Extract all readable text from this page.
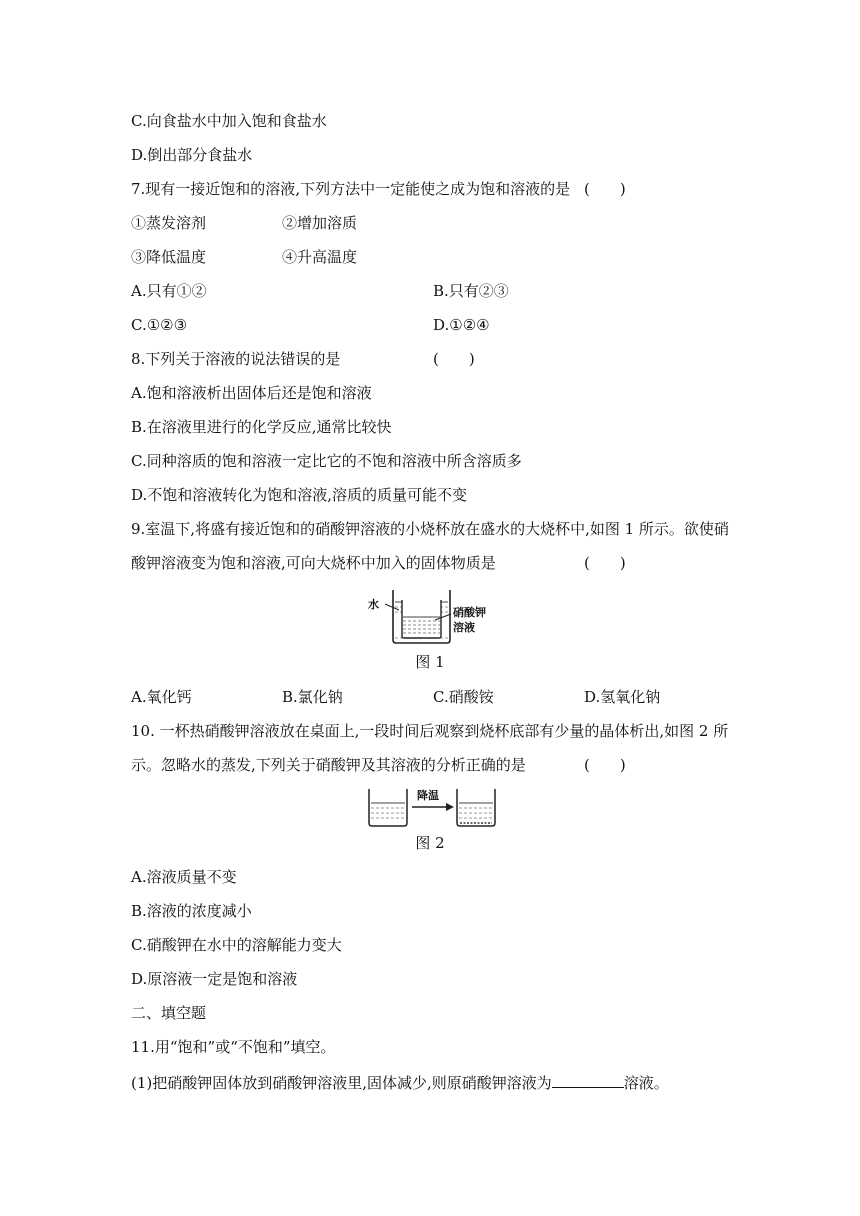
C.向食盐水中加入饱和食盐水
D.倒出部分食盐水
7.现有一接近饱和的溶液,下列方法中一定能使之成为饱和溶液的是 (　　)
①蒸发溶剂	②增加溶质
③降低温度	④升高温度
A.只有①②	B.只有②③
C.①②③	D.①②④
8.下列关于溶液的说法错误的是	(　　)
A.饱和溶液析出固体后还是饱和溶液
B.在溶液里进行的化学反应,通常比较快
C.同种溶质的饱和溶液一定比它的不饱和溶液中所含溶质多
D.不饱和溶液转化为饱和溶液,溶质的质量可能不变
9.室温下,将盛有接近饱和的硝酸钾溶液的小烧杯放在盛水的大烧杯中,如图 1 所示。欲使硝
酸钾溶液变为饱和溶液,可向大烧杯中加入的固体物质是	(　　)
水
硝酸钾
溶液
图 1
A.氧化钙	B.氯化钠	C.硝酸铵	D.氢氧化钠
10. 一杯热硝酸钾溶液放在桌面上,一段时间后观察到烧杯底部有少量的晶体析出,如图 2 所
示。忽略水的蒸发,下列关于硝酸钾及其溶液的分析正确的是	(　　)
降温
图 2
A.溶液质量不变
B.溶液的浓度减小
C.硝酸钾在水中的溶解能力变大
D.原溶液一定是饱和溶液
二、填空题
11.用“饱和”或“不饱和”填空。
(1)把硝酸钾固体放到硝酸钾溶液里,固体减少,则原硝酸钾溶液为	溶液。
